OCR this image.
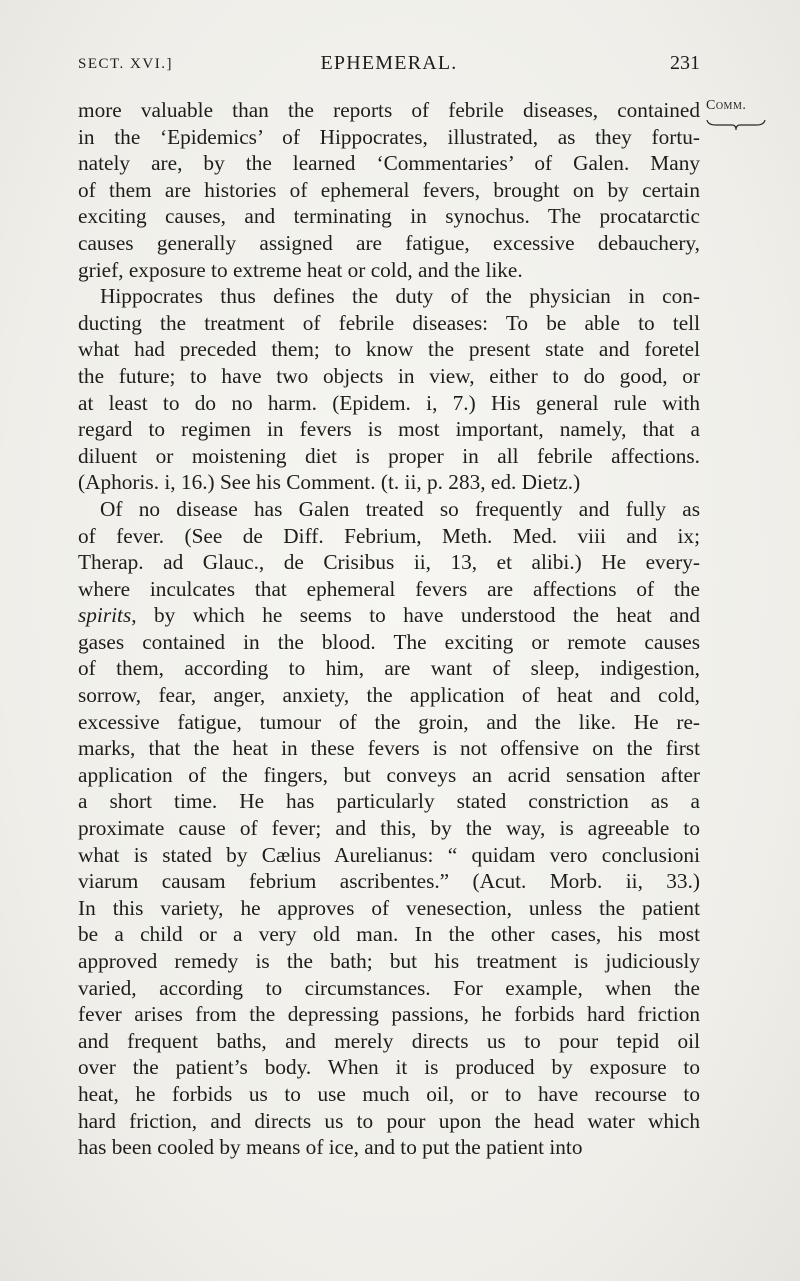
SECT. XVI.]	EPHEMERAL.	231
Comm.
more valuable than the reports of febrile diseases, contained
in the ‘Epidemics’ of Hippocrates, illustrated, as they fortu-
nately are, by the learned ‘Commentaries’ of Galen. Many
of them are histories of ephemeral fevers, brought on by certain
exciting causes, and terminating in synochus. The procatarctic
causes generally assigned are fatigue, excessive debauchery,
grief, exposure to extreme heat or cold, and the like.
Hippocrates thus defines the duty of the physician in con-
ducting the treatment of febrile diseases: To be able to tell
what had preceded them; to know the present state and foretel
the future; to have two objects in view, either to do good, or
at least to do no harm. (Epidem. i, 7.) His general rule with
regard to regimen in fevers is most important, namely, that a
diluent or moistening diet is proper in all febrile affections.
(Aphoris. i, 16.) See his Comment. (t. ii, p. 283, ed. Dietz.)
Of no disease has Galen treated so frequently and fully as
of fever. (See de Diff. Febrium, Meth. Med. viii and ix;
Therap. ad Glauc., de Crisibus ii, 13, et alibi.) He every-
where inculcates that ephemeral fevers are affections of the
spirits, by which he seems to have understood the heat and
gases contained in the blood. The exciting or remote causes
of them, according to him, are want of sleep, indigestion,
sorrow, fear, anger, anxiety, the application of heat and cold,
excessive fatigue, tumour of the groin, and the like. He re-
marks, that the heat in these fevers is not offensive on the first
application of the fingers, but conveys an acrid sensation after
a short time. He has particularly stated constriction as a
proximate cause of fever; and this, by the way, is agreeable to
what is stated by Cælius Aurelianus: “ quidam vero conclusioni
viarum causam febrium ascribentes.” (Acut. Morb. ii, 33.)
In this variety, he approves of venesection, unless the patient
be a child or a very old man. In the other cases, his most
approved remedy is the bath; but his treatment is judiciously
varied, according to circumstances. For example, when the
fever arises from the depressing passions, he forbids hard friction
and frequent baths, and merely directs us to pour tepid oil
over the patient’s body. When it is produced by exposure to
heat, he forbids us to use much oil, or to have recourse to
hard friction, and directs us to pour upon the head water which
has been cooled by means of ice, and to put the patient into
